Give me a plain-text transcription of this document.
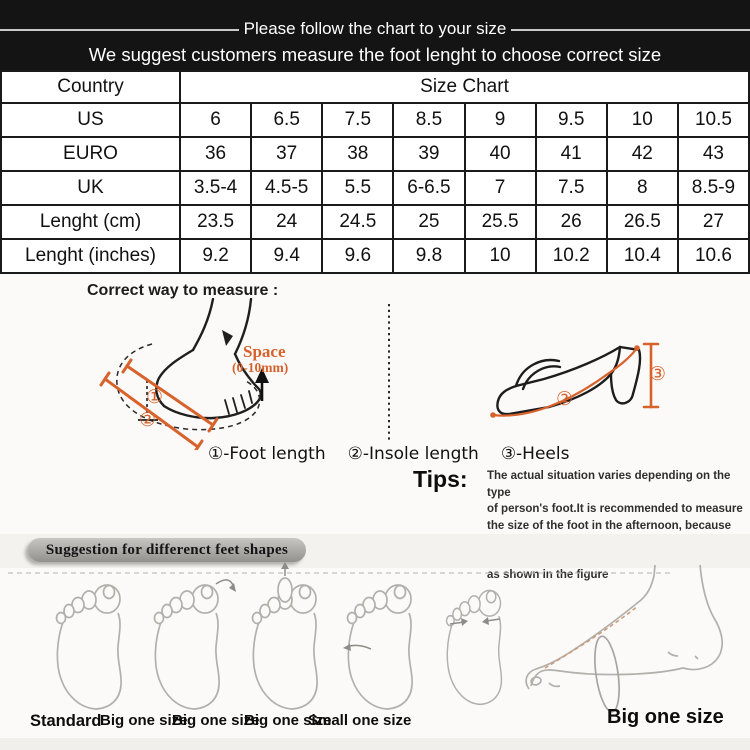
Please follow the chart to your size
We suggest customers measure the foot lenght to choose correct size
Country	Size Chart							
US	6	6.5	7.5	8.5	9	9.5	10	10.5
EURO	36	37	38	39	40	41	42	43
UK	3.5-4	4.5-5	5.5	6-6.5	7	7.5	8	8.5-9
Lenght (cm)	23.5	24	24.5	25	25.5	26	26.5	27
Lenght (inches)	9.2	9.4	9.6	9.8	10	10.2	10.4	10.6
Correct way to measure :
Space
(0-10mm)
①
②
②
③
①-Foot length ②-Insole length ③-Heels
Tips: The actual situation varies depending on the type
of person's foot.It is recommended to measure
the size of the foot in the afternoon, because
as shown in the figure
Suggestion for differenct feet shapes
Standard
Big one size
Big one size
Big one size
Small one size	Big one size
